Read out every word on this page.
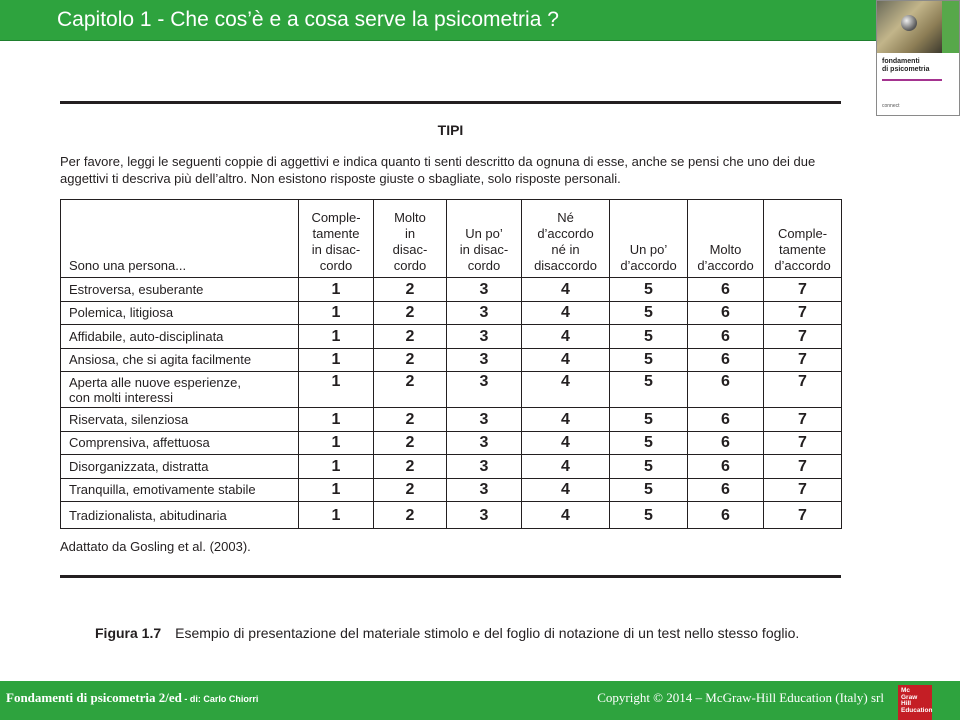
Capitolo 1 - Che cos’è e a cosa serve la psicometria ?
fondamenti
di psicometria
connect
TIPI
Per favore, leggi le seguenti coppie di aggettivi e indica quanto ti senti descritto da ognuna di esse, anche se pensi che uno dei due aggettivi ti descriva più dell’altro. Non esistono risposte giuste o sbagliate, solo risposte personali.
Sono una persona...	Comple-
tamente
in disac-
cordo	Molto
in
disac-
cordo	Un po’
in disac-
cordo	Né
d’accordo
né in
disaccordo	Un po’
d’accordo	Molto
d’accordo	Comple-
tamente
d’accordo
Estroversa, esuberante	1	2	3	4	5	6	7
Polemica, litigiosa	1	2	3	4	5	6	7
Affidabile, auto-disciplinata	1	2	3	4	5	6	7
Ansiosa, che si agita facilmente	1	2	3	4	5	6	7
Aperta alle nuove esperienze,
con molti interessi	1	2	3	4	5	6	7
Riservata, silenziosa	1	2	3	4	5	6	7
Comprensiva, affettuosa	1	2	3	4	5	6	7
Disorganizzata, distratta	1	2	3	4	5	6	7
Tranquilla, emotivamente stabile	1	2	3	4	5	6	7
Tradizionalista, abitudinaria	1	2	3	4	5	6	7
Adattato da Gosling et al. (2003).
Figura 1.7 Esempio di presentazione del materiale stimolo e del foglio di notazione di un test nello stesso foglio.
Fondamenti di psicometria 2/ed - di: Carlo Chiorri	Copyright © 2014 – McGraw-Hill Education (Italy) srl	Mc
Graw
Hill
Education
